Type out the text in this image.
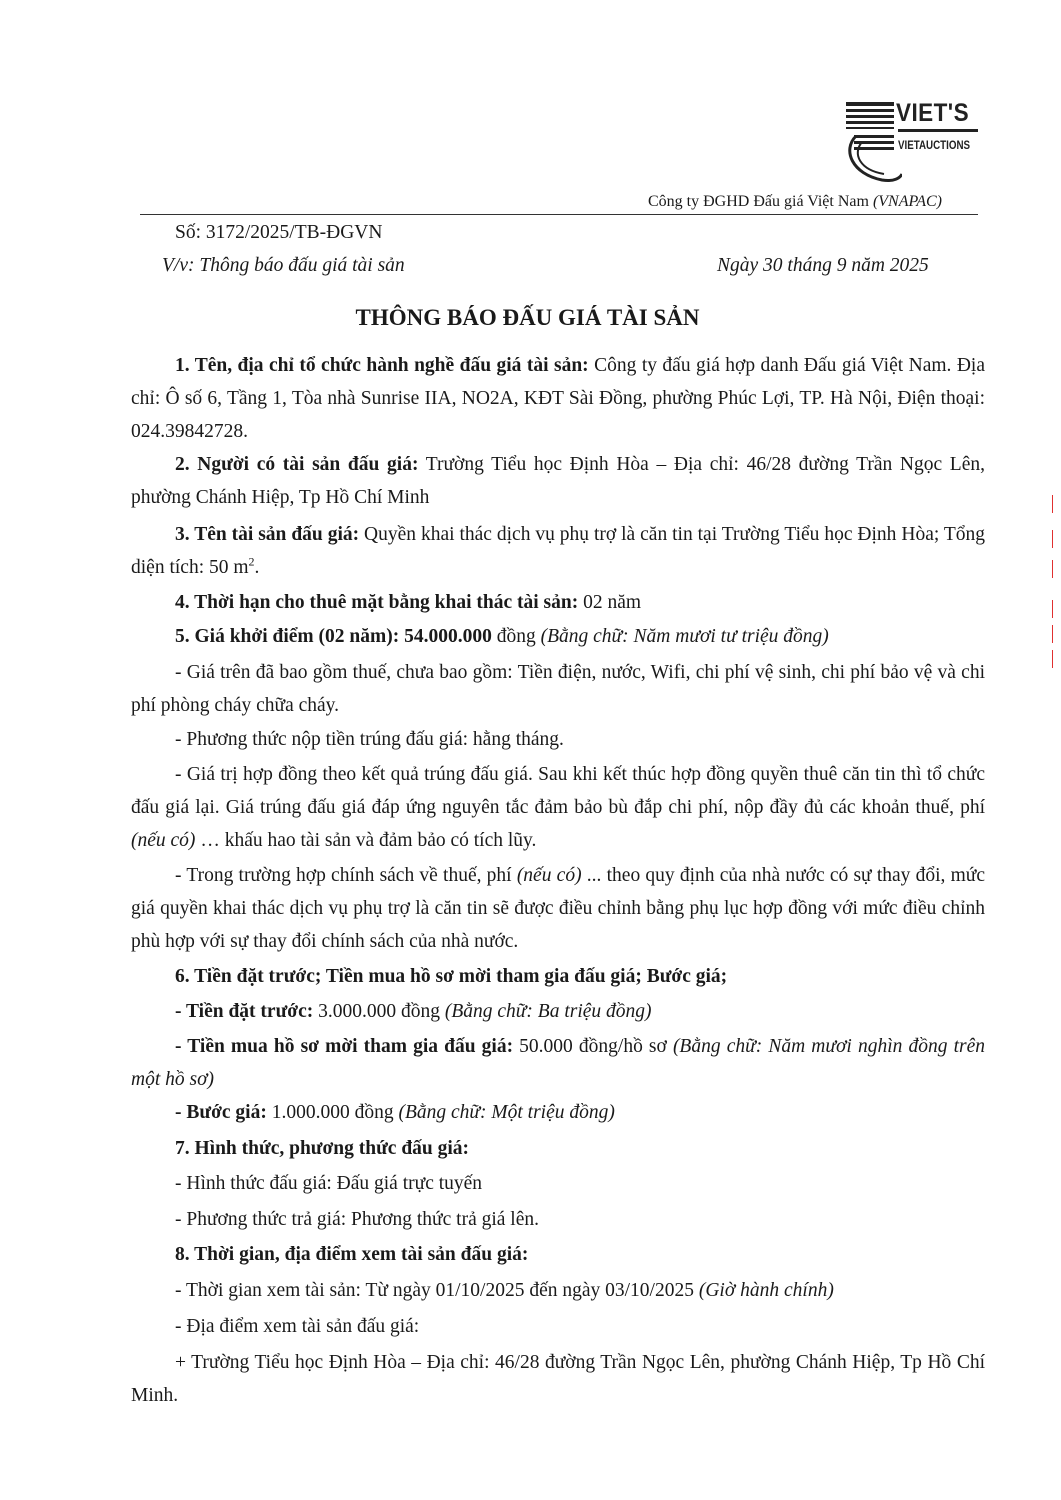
VIET'S
VIETAUCTIONS
Công ty ĐGHD Đấu giá Việt Nam (VNAPAC)
Số: 3172/2025/TB-ĐGVN
V/v: Thông báo đấu giá tài sản	Ngày 30 tháng 9 năm 2025
THÔNG BÁO ĐẤU GIÁ TÀI SẢN
1. Tên, địa chỉ tổ chức hành nghề đấu giá tài sản: Công ty đấu giá hợp danh Đấu giá Việt Nam. Địa chỉ: Ô số 6, Tầng 1, Tòa nhà Sunrise IIA, NO2A, KĐT Sài Đồng, phường Phúc Lợi, TP. Hà Nội, Điện thoại: 024.39842728.
2. Người có tài sản đấu giá: Trường Tiểu học Định Hòa – Địa chỉ: 46/28 đường Trần Ngọc Lên, phường Chánh Hiệp, Tp Hồ Chí Minh
3. Tên tài sản đấu giá: Quyền khai thác dịch vụ phụ trợ là căn tin tại Trường Tiểu học Định Hòa; Tổng diện tích: 50 $m^2$.
4. Thời hạn cho thuê mặt bằng khai thác tài sản: 02 năm
5. Giá khởi điểm (02 năm): 54.000.000 đồng (Bằng chữ: Năm mươi tư triệu đồng)
- Giá trên đã bao gồm thuế, chưa bao gồm: Tiền điện, nước, Wifi, chi phí vệ sinh, chi phí bảo vệ và chi phí phòng cháy chữa cháy.
- Phương thức nộp tiền trúng đấu giá: hằng tháng.
- Giá trị hợp đồng theo kết quả trúng đấu giá. Sau khi kết thúc hợp đồng quyền thuê căn tin thì tổ chức đấu giá lại. Giá trúng đấu giá đáp ứng nguyên tắc đảm bảo bù đắp chi phí, nộp đầy đủ các khoản thuế, phí (nếu có) … khấu hao tài sản và đảm bảo có tích lũy.
- Trong trường hợp chính sách về thuế, phí (nếu có) ... theo quy định của nhà nước có sự thay đổi, mức giá quyền khai thác dịch vụ phụ trợ là căn tin sẽ được điều chỉnh bằng phụ lục hợp đồng với mức điều chỉnh phù hợp với sự thay đổi chính sách của nhà nước.
6. Tiền đặt trước; Tiền mua hồ sơ mời tham gia đấu giá; Bước giá;
- Tiền đặt trước: 3.000.000 đồng (Bằng chữ: Ba triệu đồng)
- Tiền mua hồ sơ mời tham gia đấu giá: 50.000 đồng/hồ sơ (Bằng chữ: Năm mươi nghìn đồng trên một hồ sơ)
- Bước giá: 1.000.000 đồng (Bằng chữ: Một triệu đồng)
7. Hình thức, phương thức đấu giá:
- Hình thức đấu giá: Đấu giá trực tuyến
- Phương thức trả giá: Phương thức trả giá lên.
8. Thời gian, địa điểm xem tài sản đấu giá:
- Thời gian xem tài sản: Từ ngày 01/10/2025 đến ngày 03/10/2025 (Giờ hành chính)
- Địa điểm xem tài sản đấu giá:
+ Trường Tiểu học Định Hòa – Địa chỉ: 46/28 đường Trần Ngọc Lên, phường Chánh Hiệp, Tp Hồ Chí Minh.
